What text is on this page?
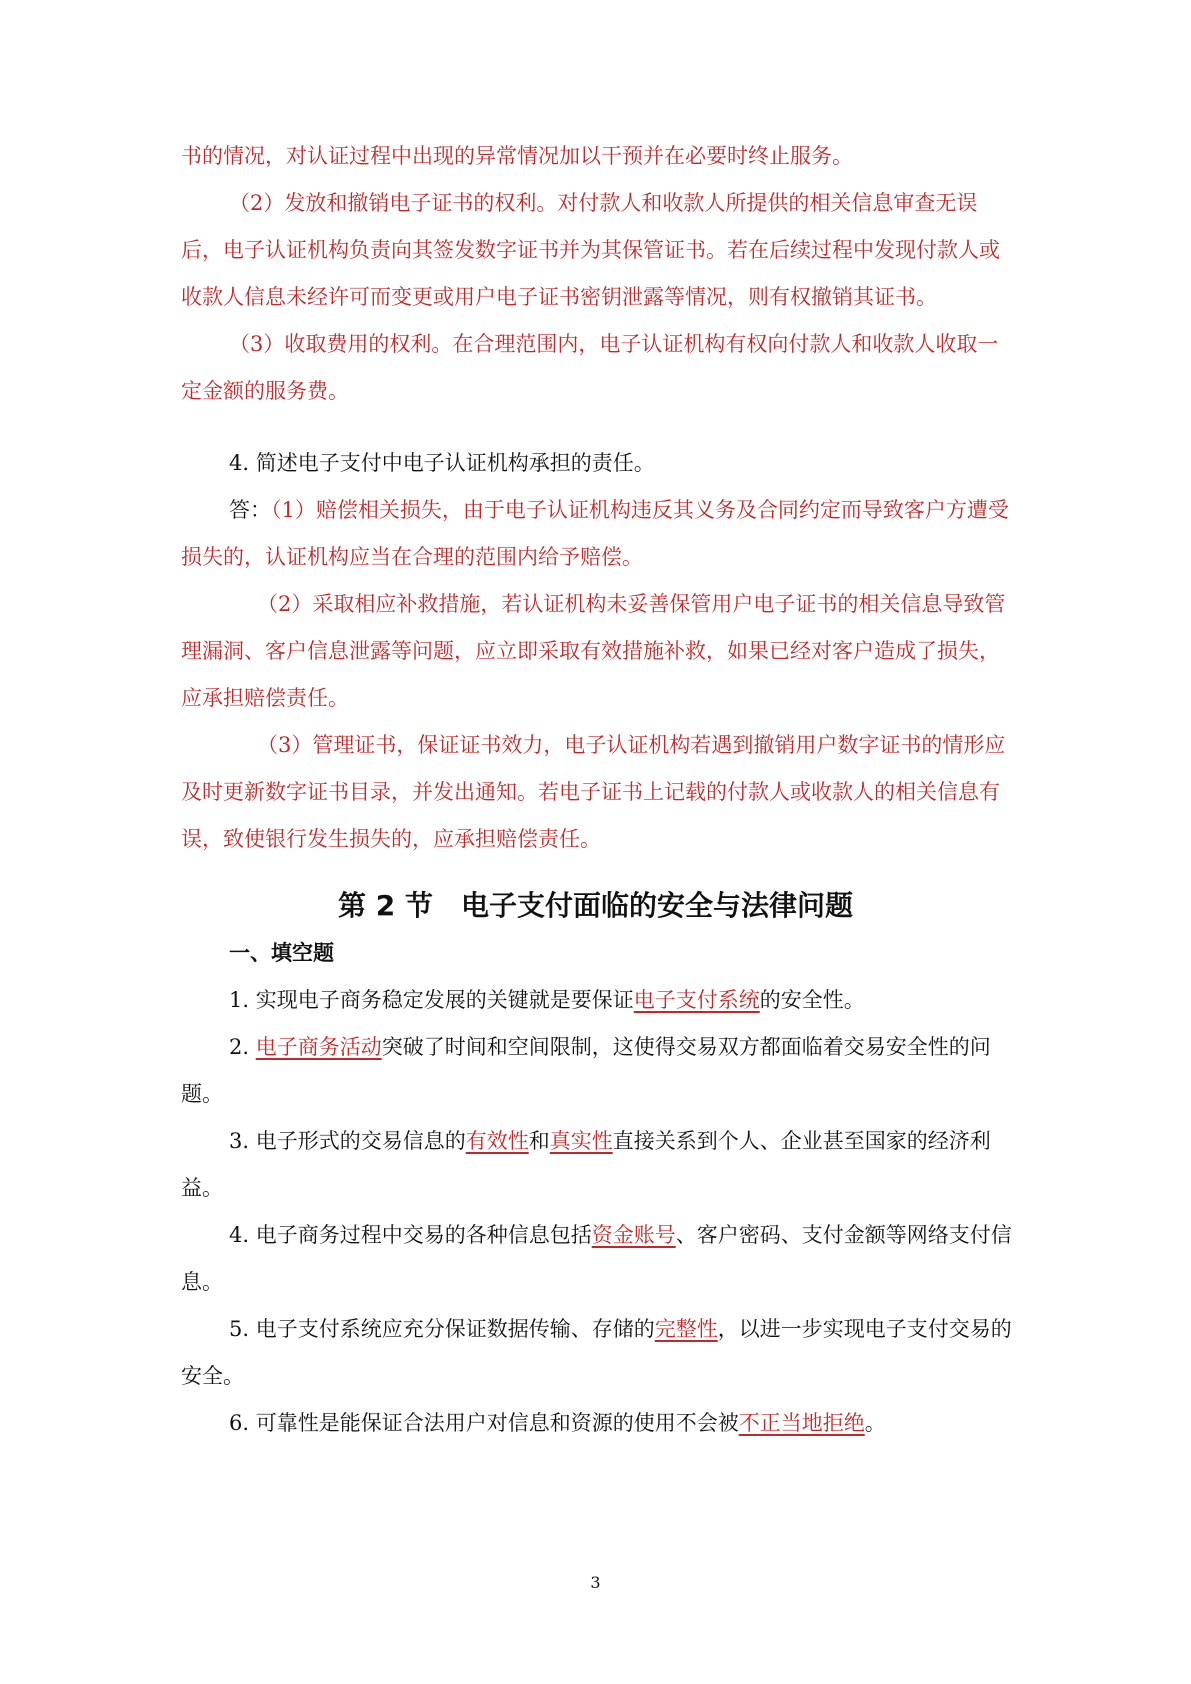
书的情况，对认证过程中出现的异常情况加以干预并在必要时终止服务。

（2）发放和撤销电子证书的权利。对付款人和收款人所提供的相关信息审查无误后，电子认证机构负责向其签发数字证书并为其保管证书。若在后续过程中发现付款人或收款人信息未经许可而变更或用户电子证书密钥泄露等情况，则有权撤销其证书。

（3）收取费用的权利。在合理范围内，电子认证机构有权向付款人和收款人收取一定金额的服务费。

4. 简述电子支付中电子认证机构承担的责任。

答：（1）赔偿相关损失，由于电子认证机构违反其义务及合同约定而导致客户方遭受损失的，认证机构应当在合理的范围内给予赔偿。

（2）采取相应补救措施，若认证机构未妥善保管用户电子证书的相关信息导致管理漏洞、客户信息泄露等问题，应立即采取有效措施补救，如果已经对客户造成了损失，应承担赔偿责任。

（3）管理证书，保证证书效力，电子认证机构若遇到撤销用户数字证书的情形应及时更新数字证书目录，并发出通知。若电子证书上记载的付款人或收款人的相关信息有误，致使银行发生损失的，应承担赔偿责任。

第 2 节　电子支付面临的安全与法律问题

一、填空题

1. 实现电子商务稳定发展的关键就是要保证电子支付系统的安全性。

2. 电子商务活动突破了时间和空间限制，这使得交易双方都面临着交易安全性的问题。

3. 电子形式的交易信息的有效性和真实性直接关系到个人、企业甚至国家的经济利益。

4. 电子商务过程中交易的各种信息包括资金账号、客户密码、支付金额等网络支付信息。

5. 电子支付系统应充分保证数据传输、存储的完整性，以进一步实现电子支付交易的安全。

6. 可靠性是能保证合法用户对信息和资源的使用不会被不正当地拒绝。

3
